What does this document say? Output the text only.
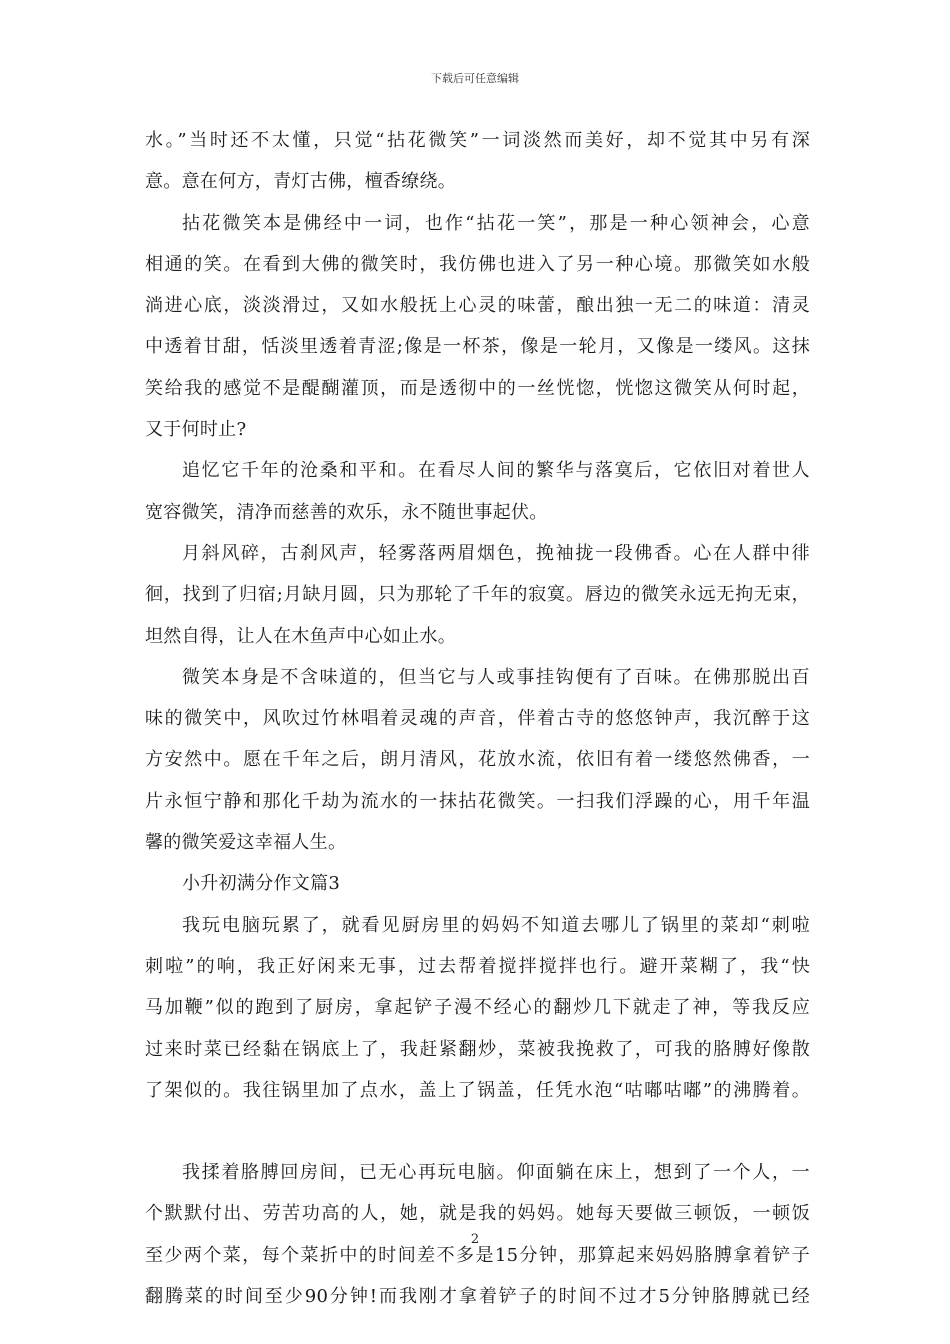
下载后可任意编辑
水。”当时还不太懂，只觉“拈花微笑”一词淡然而美好，却不觉其中另有深
意。意在何方，青灯古佛，檀香缭绕。
拈花微笑本是佛经中一词，也作“拈花一笑”，那是一种心领神会，心意
相通的笑。在看到大佛的微笑时，我仿佛也进入了另一种心境。那微笑如水般
淌进心底，淡淡滑过，又如水般抚上心灵的味蕾，酿出独一无二的味道：清灵
中透着甘甜，恬淡里透着青涩;像是一杯茶，像是一轮月，又像是一缕风。这抹
笑给我的感觉不是醍醐灌顶，而是透彻中的一丝恍惚，恍惚这微笑从何时起，
又于何时止?
追忆它千年的沧桑和平和。在看尽人间的繁华与落寞后，它依旧对着世人
宽容微笑，清净而慈善的欢乐，永不随世事起伏。
月斜风碎，古刹风声，轻雾落两眉烟色，挽袖拢一段佛香。心在人群中徘
徊，找到了归宿;月缺月圆，只为那轮了千年的寂寞。唇边的微笑永远无拘无束，
坦然自得，让人在木鱼声中心如止水。
微笑本身是不含味道的，但当它与人或事挂钩便有了百味。在佛那脱出百
味的微笑中，风吹过竹林唱着灵魂的声音，伴着古寺的悠悠钟声，我沉醉于这
方安然中。愿在千年之后，朗月清风，花放水流，依旧有着一缕悠然佛香，一
片永恒宁静和那化千劫为流水的一抹拈花微笑。一扫我们浮躁的心，用千年温
馨的微笑爱这幸福人生。
小升初满分作文篇3
我玩电脑玩累了，就看见厨房里的妈妈不知道去哪儿了锅里的菜却“刺啦
刺啦”的响，我正好闲来无事，过去帮着搅拌搅拌也行。避开菜糊了，我“快
马加鞭”似的跑到了厨房，拿起铲子漫不经心的翻炒几下就走了神，等我反应
过来时菜已经黏在锅底上了，我赶紧翻炒，菜被我挽救了，可我的胳膊好像散
了架似的。我往锅里加了点水，盖上了锅盖，任凭水泡“咕嘟咕嘟”的沸腾着。
我揉着胳膊回房间，已无心再玩电脑。仰面躺在床上，想到了一个人，一
个默默付出、劳苦功高的人，她，就是我的妈妈。她每天要做三顿饭，一顿饭
至少两个菜，每个菜折中的时间差不多是15分钟，那算起来妈妈胳膊拿着铲子
翻腾菜的时间至少90分钟!而我刚才拿着铲子的时间不过才5分钟胳膊就已经
2
